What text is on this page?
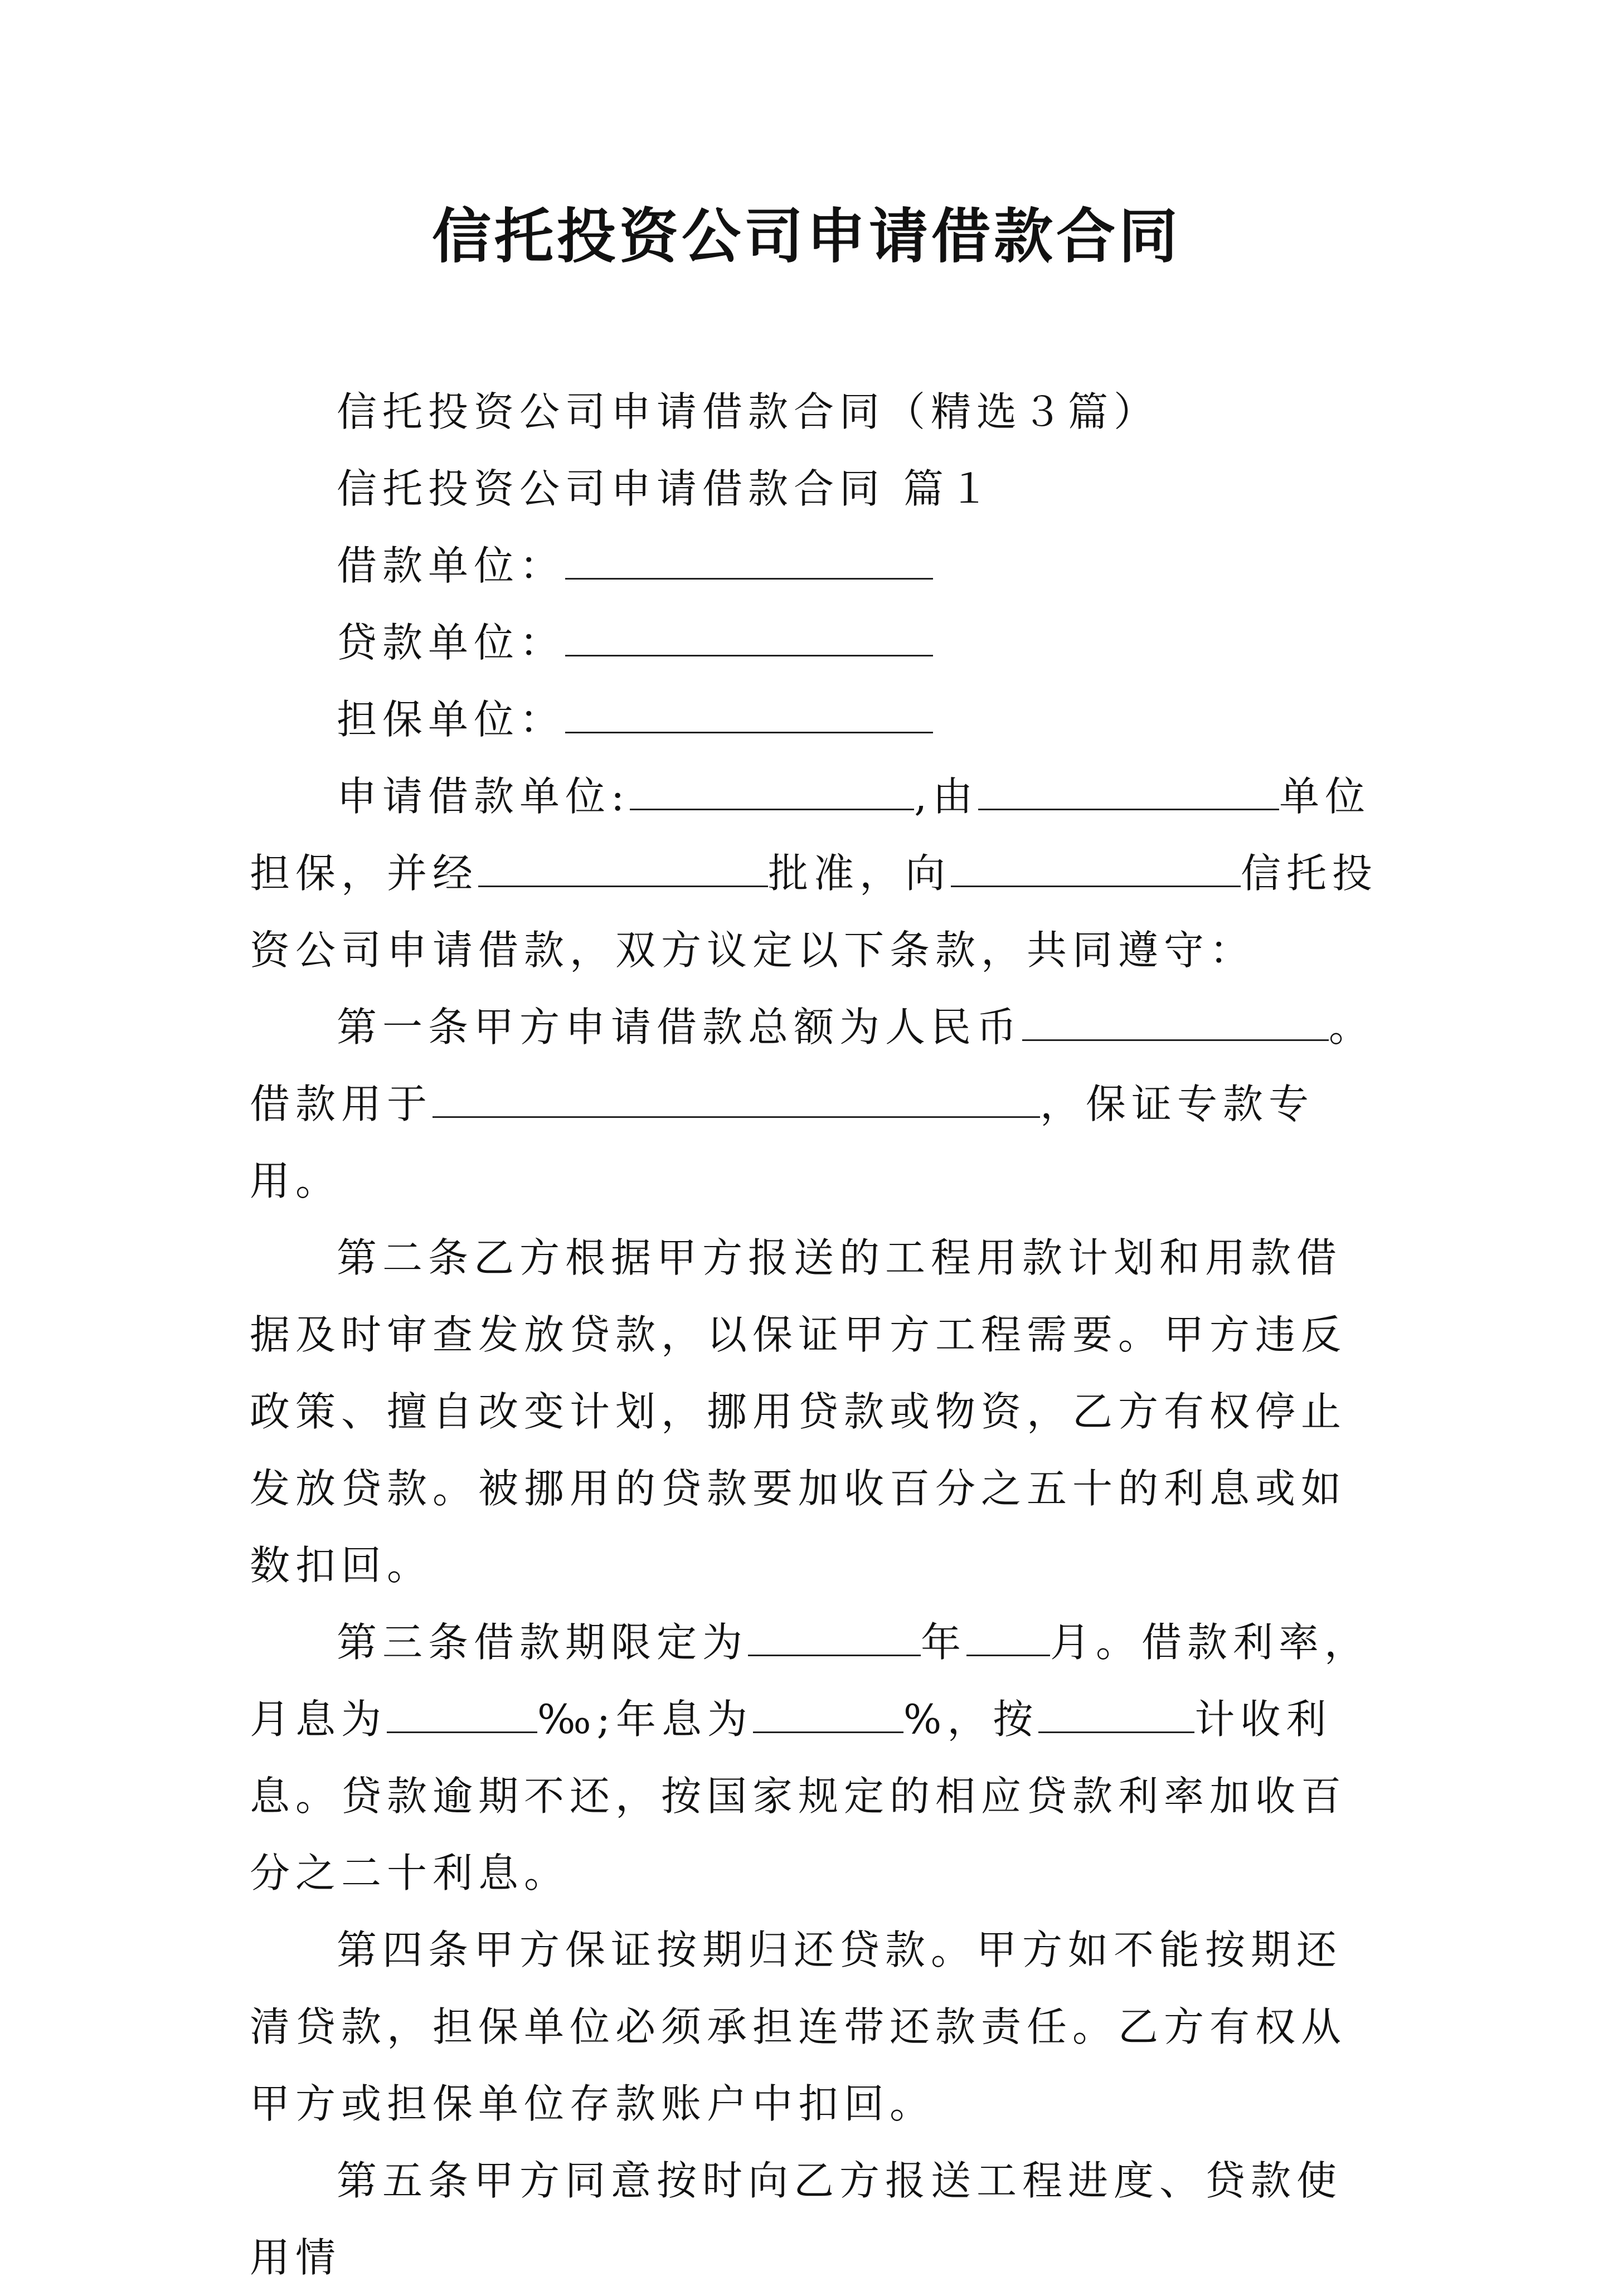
信托投资公司申请借款合同

信托投资公司申请借款合同（精选３篇）

信托投资公司申请借款合同 篇１

借款单位：

贷款单位：

担保单位：

申请借款单位:	,由	单位担保，并经	批准，向	信托投资公司申请借款，双方议定以下条款，共同遵守：

第一条甲方申请借款总额为人民币	。借款用于	，保证专款专用。

第二条乙方根据甲方报送的工程用款计划和用款借据及时审查发放贷款，以保证甲方工程需要。甲方违反政策、擅自改变计划，挪用贷款或物资，乙方有权停止发放贷款。被挪用的贷款要加收百分之五十的利息或如数扣回。

第三条借款期限定为	年 月。借款利率，月息为	‰;年息为	%，按	计收利息。贷款逾期不还，按国家规定的相应贷款利率加收百分之二十利息。

第四条甲方保证按期归还贷款。甲方如不能按期还清贷款，担保单位必须承担连带还款责任。乙方有权从甲方或担保单位存款账户中扣回。

第五条甲方同意按时向乙方报送工程进度、贷款使用情
